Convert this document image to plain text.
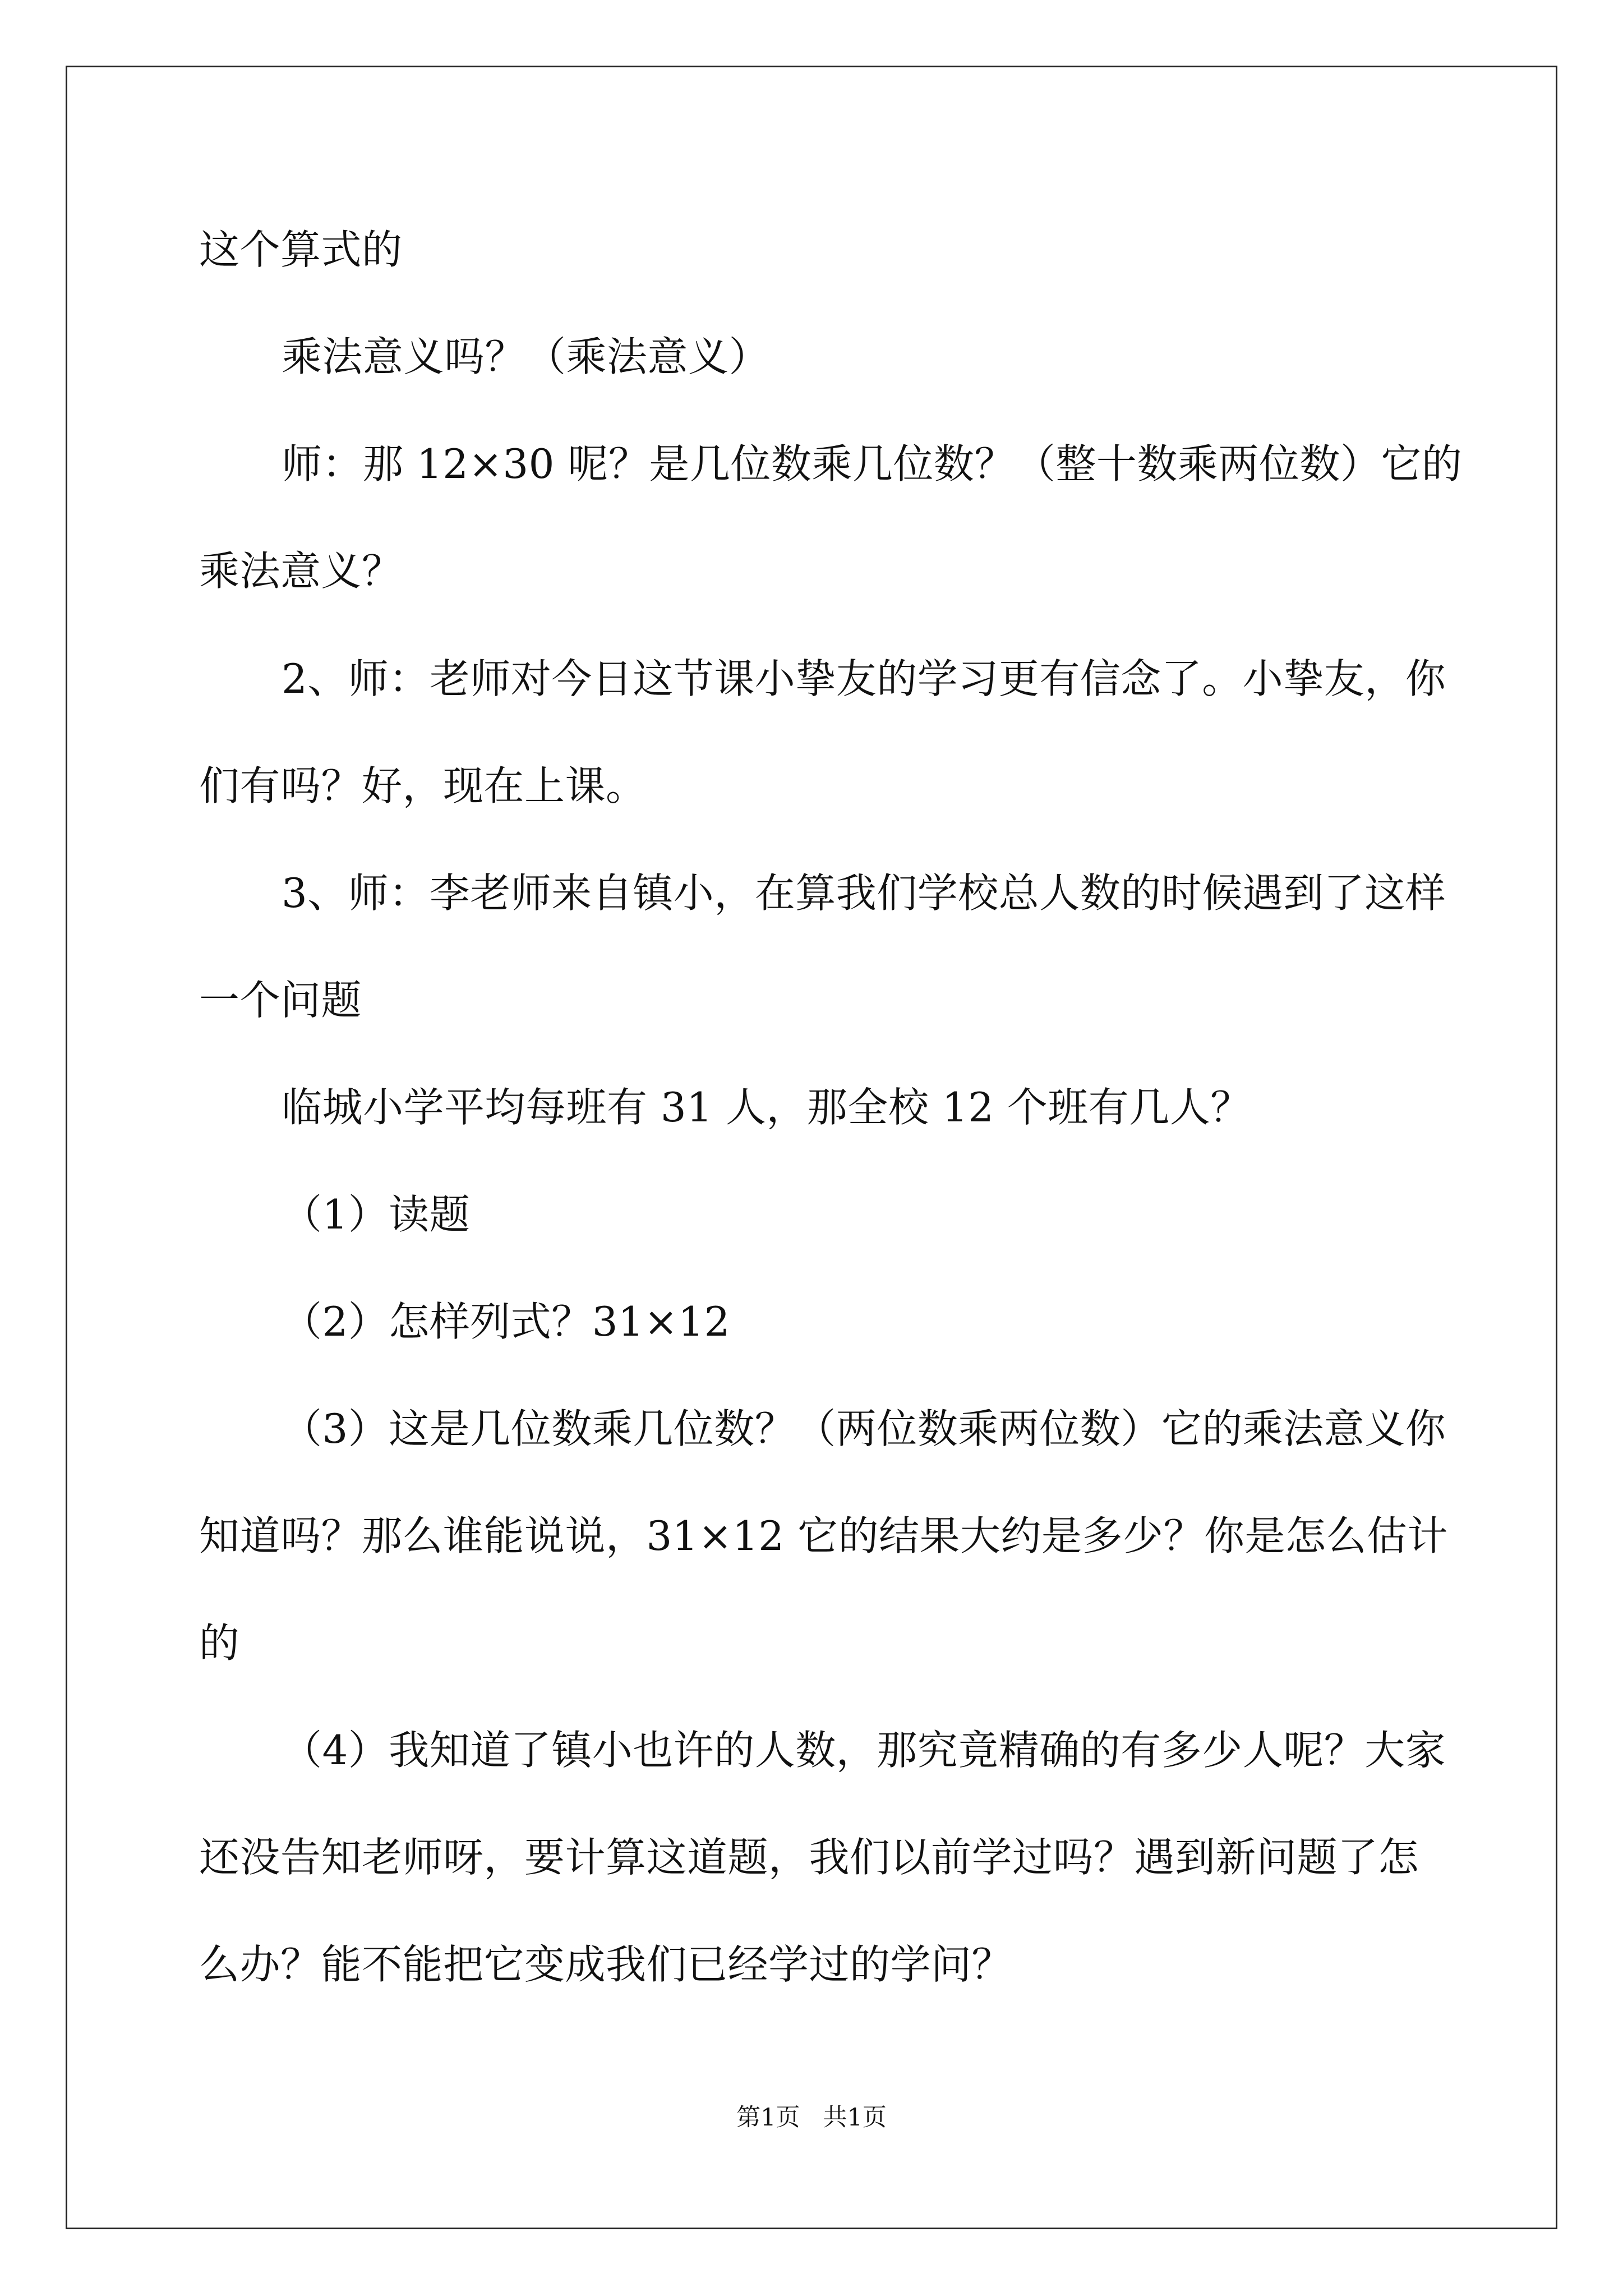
这个算式的
乘法意义吗？（乘法意义）
师：那 12×30 呢？是几位数乘几位数？（整十数乘两位数）它的
乘法意义？
2、师：老师对今日这节课小挚友的学习更有信念了。小挚友，你
们有吗？好，现在上课。
3、师：李老师来自镇小，在算我们学校总人数的时候遇到了这样
一个问题
临城小学平均每班有 31 人，那全校 12 个班有几人？
（1）读题
（2）怎样列式？31×12
（3）这是几位数乘几位数？（两位数乘两位数）它的乘法意义你
知道吗？那么谁能说说，31×12 它的结果大约是多少？你是怎么估计
的
（4）我知道了镇小也许的人数，那究竟精确的有多少人呢？大家
还没告知老师呀，要计算这道题，我们以前学过吗？遇到新问题了怎
么办？能不能把它变成我们已经学过的学问？
第1页   共1页
